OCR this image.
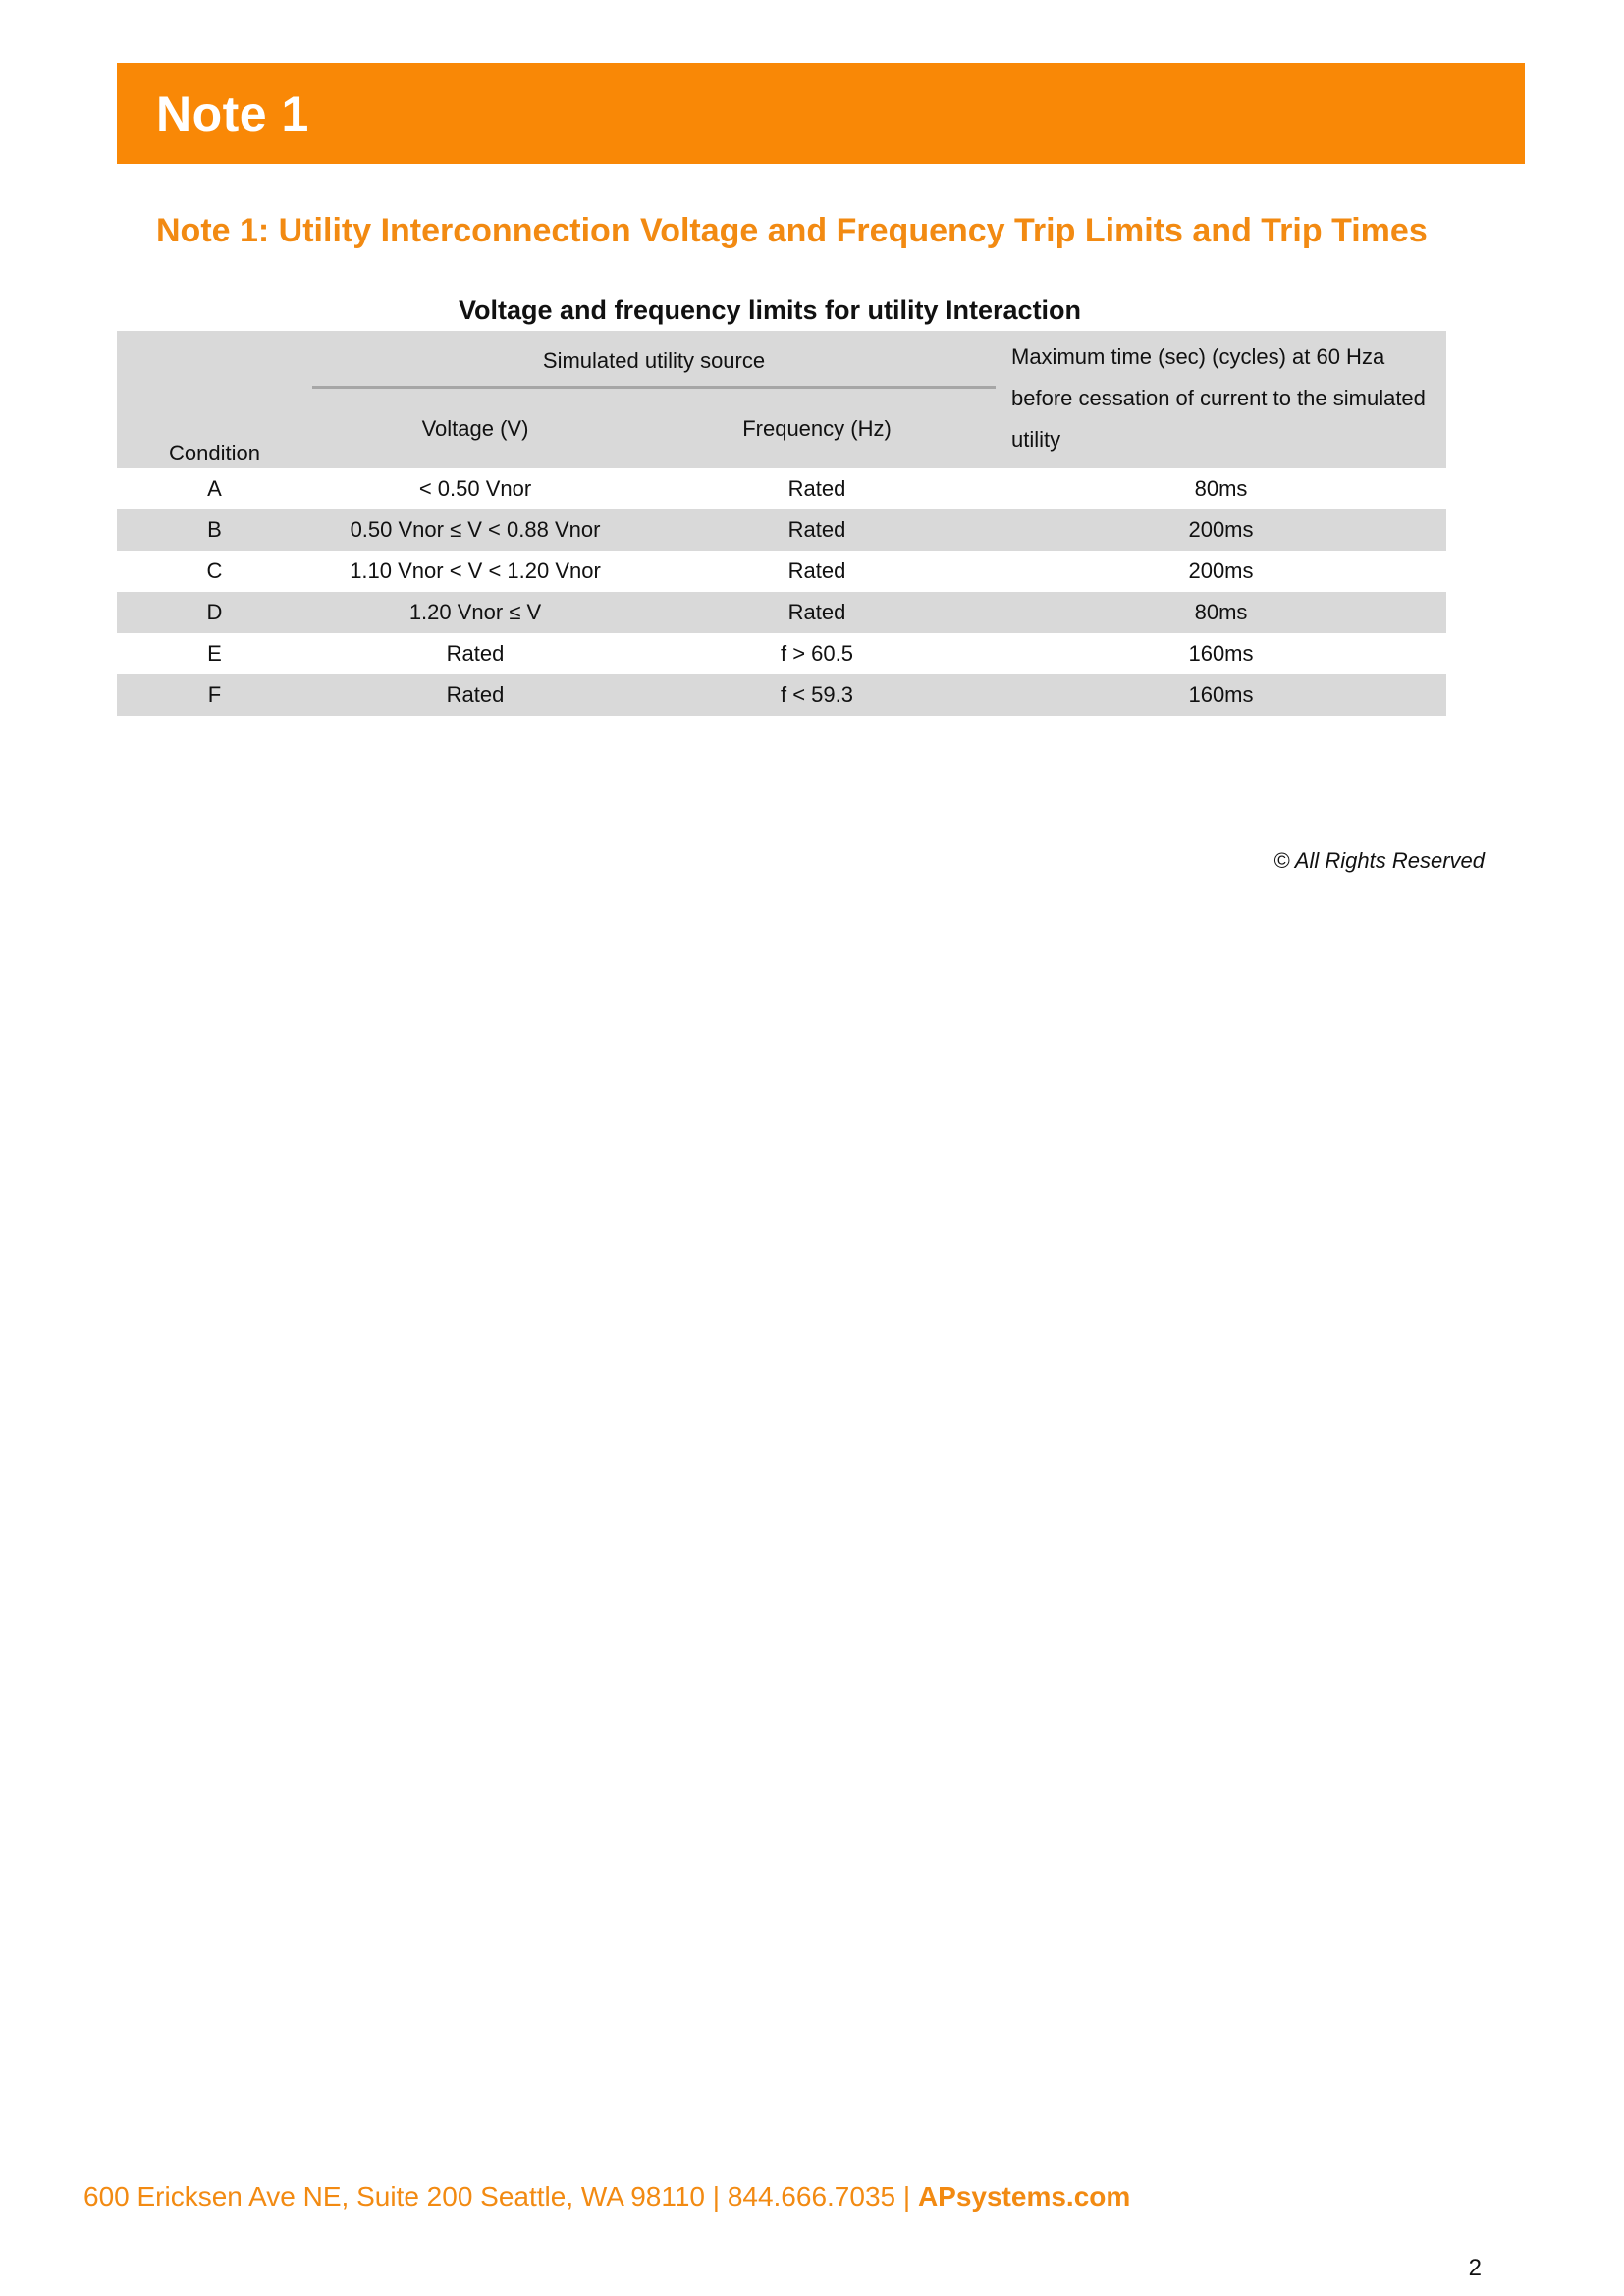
Note 1
Note 1: Utility Interconnection Voltage and Frequency Trip Limits and Trip Times
Voltage and frequency limits for utility Interaction
Condition	Simulated utility source		Maximum time (sec) (cycles) at 60 Hza before cessation of current to the simulated utility
	Voltage (V)	Frequency (Hz)	
A	< 0.50 Vnor	Rated	80ms
B	0.50 Vnor ≤ V < 0.88 Vnor	Rated	200ms
C	1.10 Vnor < V < 1.20 Vnor	Rated	200ms
D	1.20 Vnor ≤ V	Rated	80ms
E	Rated	f > 60.5	160ms
F	Rated	f < 59.3	160ms
© All Rights Reserved
600 Ericksen Ave NE, Suite 200 Seattle, WA 98110 | 844.666.7035 | APsystems.com
2
